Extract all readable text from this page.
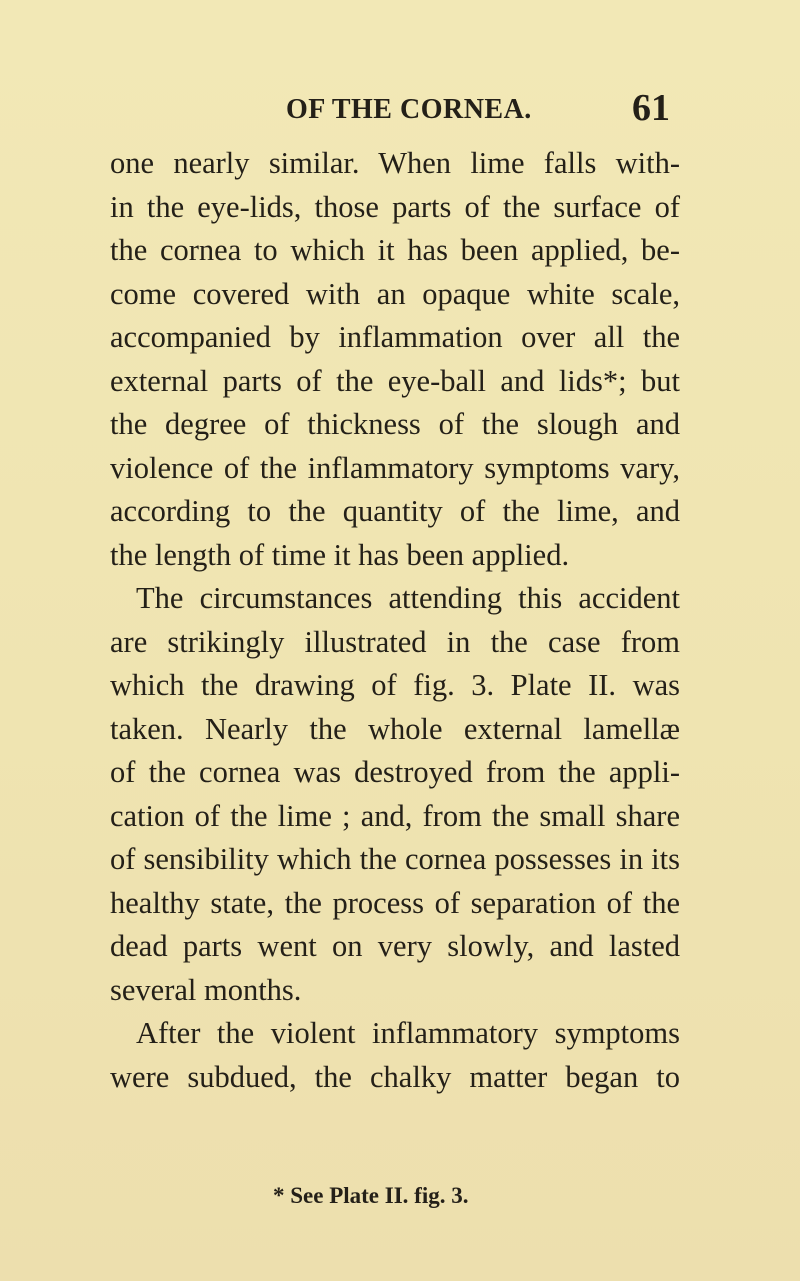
OF THE CORNEA.	61
one nearly similar. When lime falls with-
in the eye-lids, those parts of the surface of
the cornea to which it has been applied, be-
come covered with an opaque white scale,
accompanied by inflammation over all the
external parts of the eye-ball and lids*; but
the degree of thickness of the slough and
violence of the inflammatory symptoms vary,
according to the quantity of the lime, and
the length of time it has been applied.
The circumstances attending this accident
are strikingly illustrated in the case from
which the drawing of fig. 3. Plate II. was
taken. Nearly the whole external lamellæ
of the cornea was destroyed from the appli-
cation of the lime ; and, from the small share
of sensibility which the cornea possesses in its
healthy state, the process of separation of the
dead parts went on very slowly, and lasted
several months.
After the violent inflammatory symptoms
were subdued, the chalky matter began to
* See Plate II. fig. 3.
